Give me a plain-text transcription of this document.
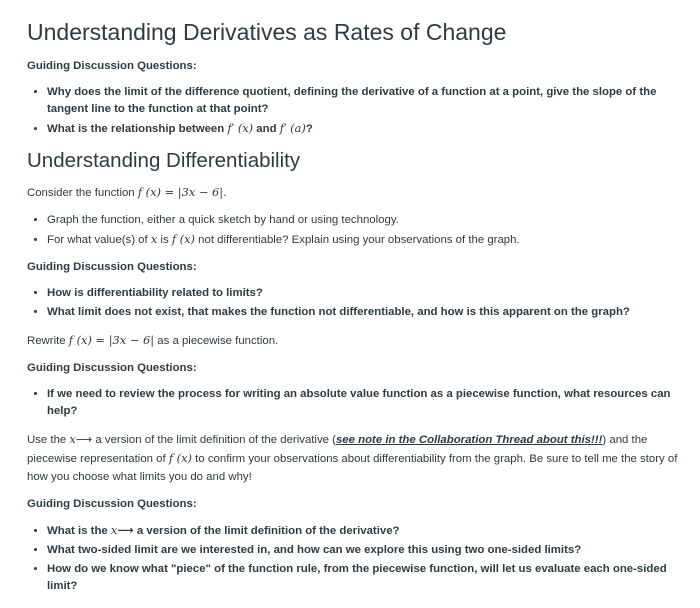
Understanding Derivatives as Rates of Change
Guiding Discussion Questions:
• Why does the limit of the difference quotient, defining the derivative of a function at a point, give the slope of the tangent line to the function at that point?
• What is the relationship between f′ (x) and f′ (a)?
Understanding Differentiability
Consider the function f (x) = |3x − 6|.
• Graph the function, either a quick sketch by hand or using technology.
• For what value(s) of x is f (x) not differentiable? Explain using your observations of the graph.
Guiding Discussion Questions:
• How is differentiability related to limits?
• What limit does not exist, that makes the function not differentiable, and how is this apparent on the graph?
Rewrite f (x) = |3x − 6| as a piecewise function.
Guiding Discussion Questions:
• If we need to review the process for writing an absolute value function as a piecewise function, what resources can help?
Use the x⟶ a version of the limit definition of the derivative (see note in the Collaboration Thread about this!!!) and the piecewise representation of f (x) to confirm your observations about differentiability from the graph. Be sure to tell me the story of how you choose what limits you do and why!
Guiding Discussion Questions:
• What is the x⟶ a version of the limit definition of the derivative?
• What two-sided limit are we interested in, and how can we explore this using two one-sided limits?
• How do we know what "piece" of the function rule, from the piecewise function, will let us evaluate each one-sided limit?
